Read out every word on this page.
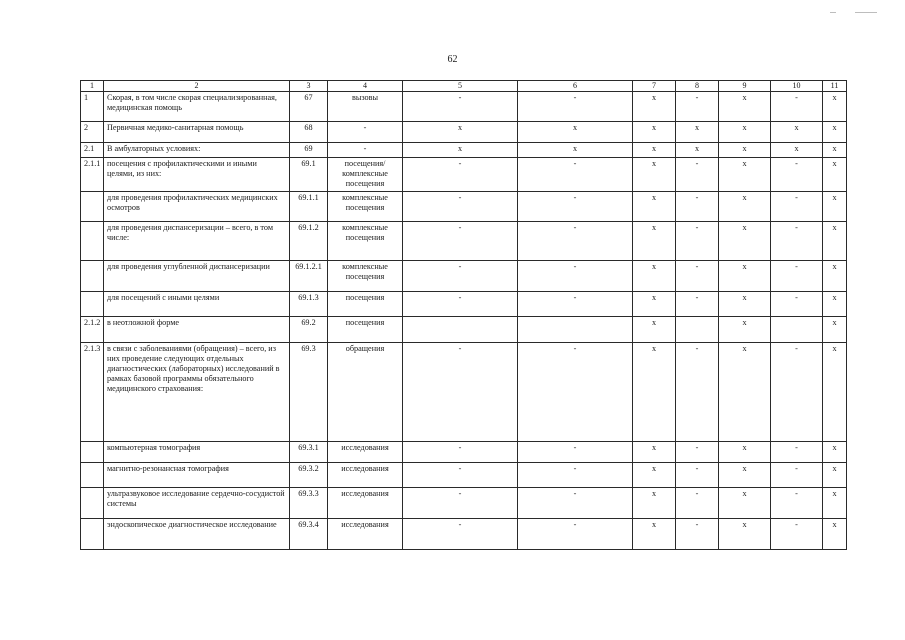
62
1	2	3	4	5	6	7	8	9	10	11
1	Скорая, в том числе скорая специализированная, медицинская помощь	67	вызовы	-	-	х	-	х	-	х
2	Первичная медико-санитарная помощь	68	-	х	х	х	х	х	х	х
2.1	В амбулаторных условиях:	69	-	х	х	х	х	х	х	х
2.1.1	посещения с профилактическими и иными целями, из них:	69.1	посещения/ комплексные посещения	-	-	х	-	х	-	х
	для проведения профилактических медицинских осмотров	69.1.1	комплексные посещения	-	-	х	-	х	-	х
	для проведения диспансеризации – всего, в том числе:	69.1.2	комплексные посещения	-	-	х	-	х	-	х
	для проведения углубленной диспансеризации	69.1.2.1	комплексные посещения	-	-	х	-	х	-	х
	для посещений с иными целями	69.1.3	посещения	-	-	х	-	х	-	х
2.1.2	в неотложной форме	69.2	посещения			х		х		х
2.1.3	в связи с заболеваниями (обращения) – всего, из них проведение следующих отдельных диагностических (лабораторных) исследований в рамках базовой программы обязательного медицинского страхования:	69.3	обращения	-	-	х	-	х	-	х
	компьютерная томография	69.3.1	исследования	-	-	х	-	х	-	х
	магнитно-резонансная томография	69.3.2	исследования	-	-	х	-	х	-	х
	ультразвуковое исследование сердечно-сосудистой системы	69.3.3	исследования	-	-	х	-	х	-	х
	эндоскопическое диагностическое исследование	69.3.4	исследования	-	-	х	-	х	-	х
